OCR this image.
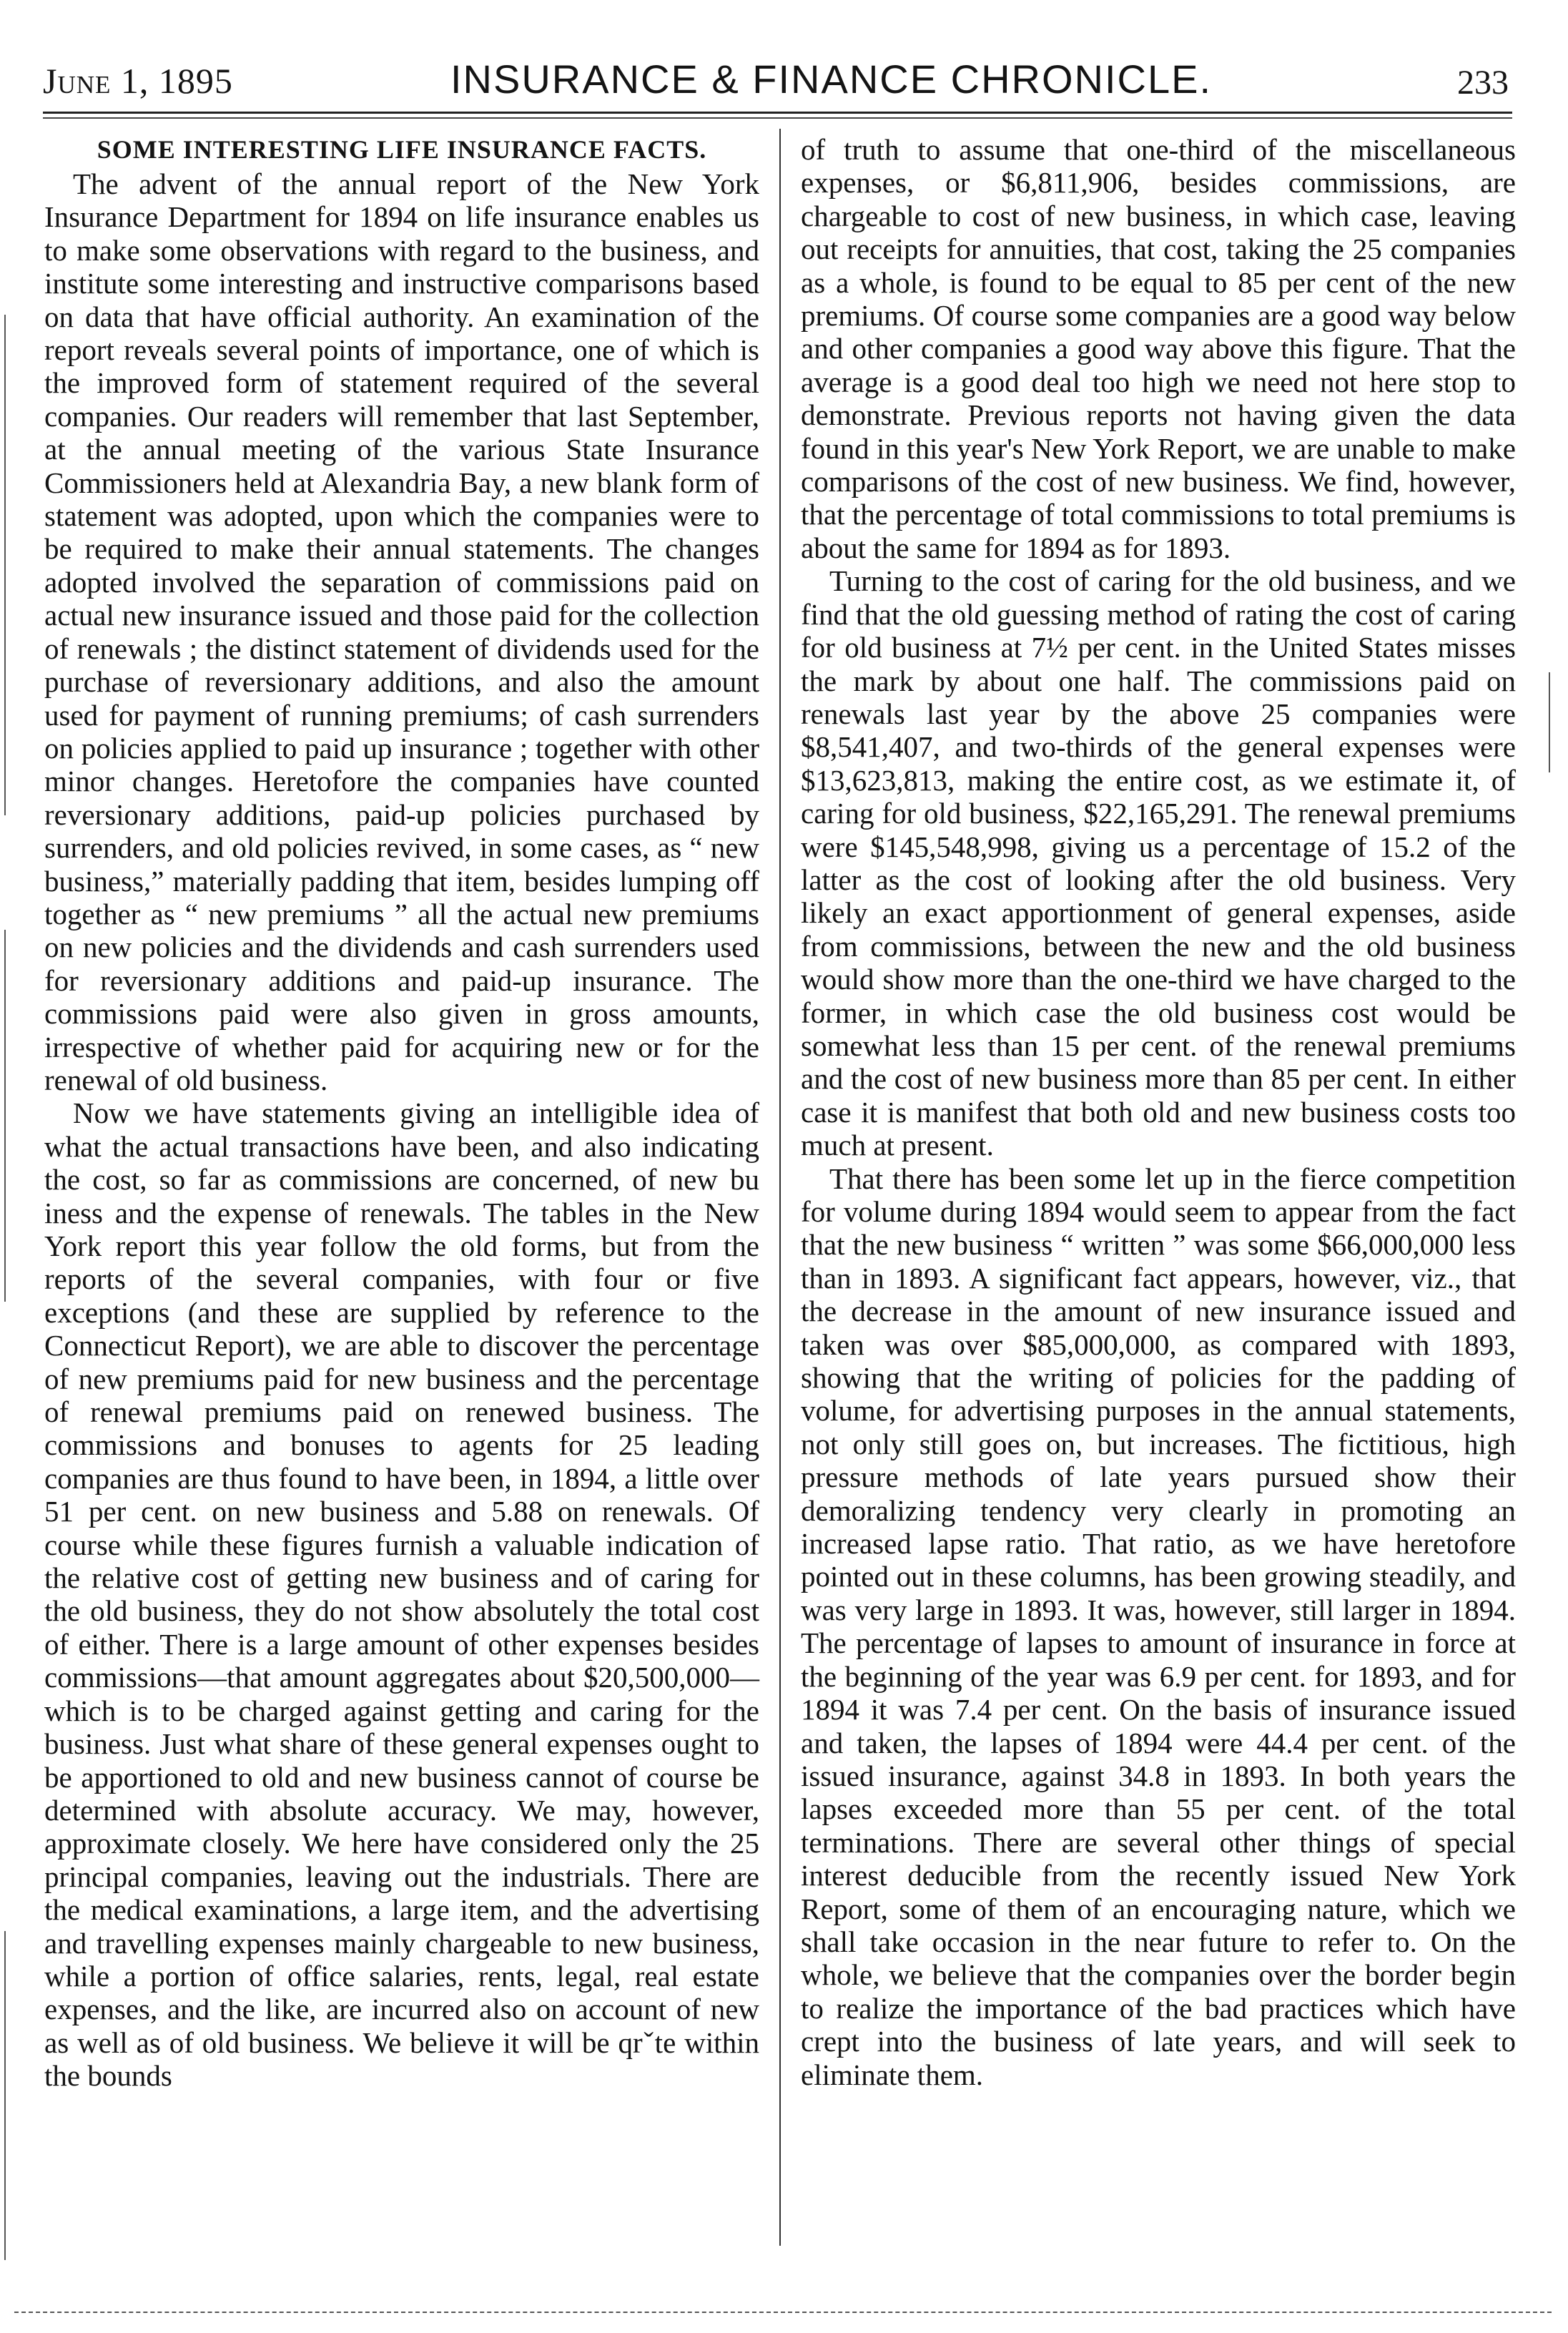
June 1, 1895	INSURANCE & FINANCE CHRONICLE.	233
SOME INTERESTING LIFE INSURANCE FACTS.

The advent of the annual report of the New York Insurance Department for 1894 on life insurance enables us to make some observations with regard to the business, and institute some interesting and instructive comparisons based on data that have official authority. An examination of the report reveals several points of importance, one of which is the improved form of statement required of the several companies. Our readers will remember that last September, at the annual meeting of the various State Insurance Commissioners held at Alexandria Bay, a new blank form of statement was adopted, upon which the companies were to be required to make their annual statements. The changes adopted involved the separation of commissions paid on actual new insurance issued and those paid for the collection of renewals ; the distinct statement of dividends used for the purchase of reversionary additions, and also the amount used for payment of running premiums; of cash surrenders on policies applied to paid up insurance ; together with other minor changes. Heretofore the companies have counted reversionary additions, paid-up policies purchased by surrenders, and old policies revived, in some cases, as “ new business,” materially padding that item, besides lumping off together as “ new premiums ” all the actual new premiums on new policies and the dividends and cash surrenders used for reversionary additions and paid-up insurance. The commissions paid were also given in gross amounts, irrespective of whether paid for acquiring new or for the renewal of old business.

Now we have statements giving an intelligible idea of what the actual transactions have been, and also indicating the cost, so far as commissions are concerned, of new bu iness and the expense of renewals. The tables in the New York report this year follow the old forms, but from the reports of the several companies, with four or five exceptions (and these are supplied by reference to the Connecticut Report), we are able to discover the percentage of new premiums paid for new business and the percentage of renewal premiums paid on renewed business. The commissions and bonuses to agents for 25 leading companies are thus found to have been, in 1894, a little over 51 per cent. on new business and 5.88 on renewals. Of course while these figures furnish a valuable indication of the relative cost of getting new business and of caring for the old business, they do not show absolutely the total cost of either. There is a large amount of other expenses besides commissions—that amount aggregates about $20,500,000—which is to be charged against getting and caring for the business. Just what share of these general expenses ought to be apportioned to old and new business cannot of course be determined with absolute accuracy. We may, however, approximate closely. We here have considered only the 25 principal companies, leaving out the industrials. There are the medical examinations, a large item, and the advertising and travelling expenses mainly chargeable to new business, while a portion of office salaries, rents, legal, real estate expenses, and the like, are incurred also on account of new as well as of old business. We believe it will be qrˇte within the bounds

of truth to assume that one-third of the miscellaneous expenses, or $6,811,906, besides commissions, are chargeable to cost of new business, in which case, leaving out receipts for annuities, that cost, taking the 25 companies as a whole, is found to be equal to 85 per cent of the new premiums. Of course some companies are a good way below and other companies a good way above this figure. That the average is a good deal too high we need not here stop to demonstrate. Previous reports not having given the data found in this year's New York Report, we are unable to make comparisons of the cost of new business. We find, however, that the percentage of total commissions to total premiums is about the same for 1894 as for 1893.

Turning to the cost of caring for the old business, and we find that the old guessing method of rating the cost of caring for old business at 7½ per cent. in the United States misses the mark by about one half. The commissions paid on renewals last year by the above 25 companies were $8,541,407, and two-thirds of the general expenses were $13,623,813, making the entire cost, as we estimate it, of caring for old business, $22,165,291. The renewal premiums were $145,548,998, giving us a percentage of 15.2 of the latter as the cost of looking after the old business. Very likely an exact apportionment of general expenses, aside from commissions, between the new and the old business would show more than the one-third we have charged to the former, in which case the old business cost would be somewhat less than 15 per cent. of the renewal premiums and the cost of new business more than 85 per cent. In either case it is manifest that both old and new business costs too much at present.

That there has been some let up in the fierce competition for volume during 1894 would seem to appear from the fact that the new business “ written ” was some $66,000,000 less than in 1893. A significant fact appears, however, viz., that the decrease in the amount of new insurance issued and taken was over $85,000,000, as compared with 1893, showing that the writing of policies for the padding of volume, for advertising purposes in the annual statements, not only still goes on, but increases. The fictitious, high pressure methods of late years pursued show their demoralizing tendency very clearly in promoting an increased lapse ratio. That ratio, as we have heretofore pointed out in these columns, has been growing steadily, and was very large in 1893. It was, however, still larger in 1894. The percentage of lapses to amount of insurance in force at the beginning of the year was 6.9 per cent. for 1893, and for 1894 it was 7.4 per cent. On the basis of insurance issued and taken, the lapses of 1894 were 44.4 per cent. of the issued insurance, against 34.8 in 1893. In both years the lapses exceeded more than 55 per cent. of the total terminations. There are several other things of special interest deducible from the recently issued New York Report, some of them of an encouraging nature, which we shall take occasion in the near future to refer to. On the whole, we believe that the companies over the border begin to realize the importance of the bad practices which have crept into the business of late years, and will seek to eliminate them.
